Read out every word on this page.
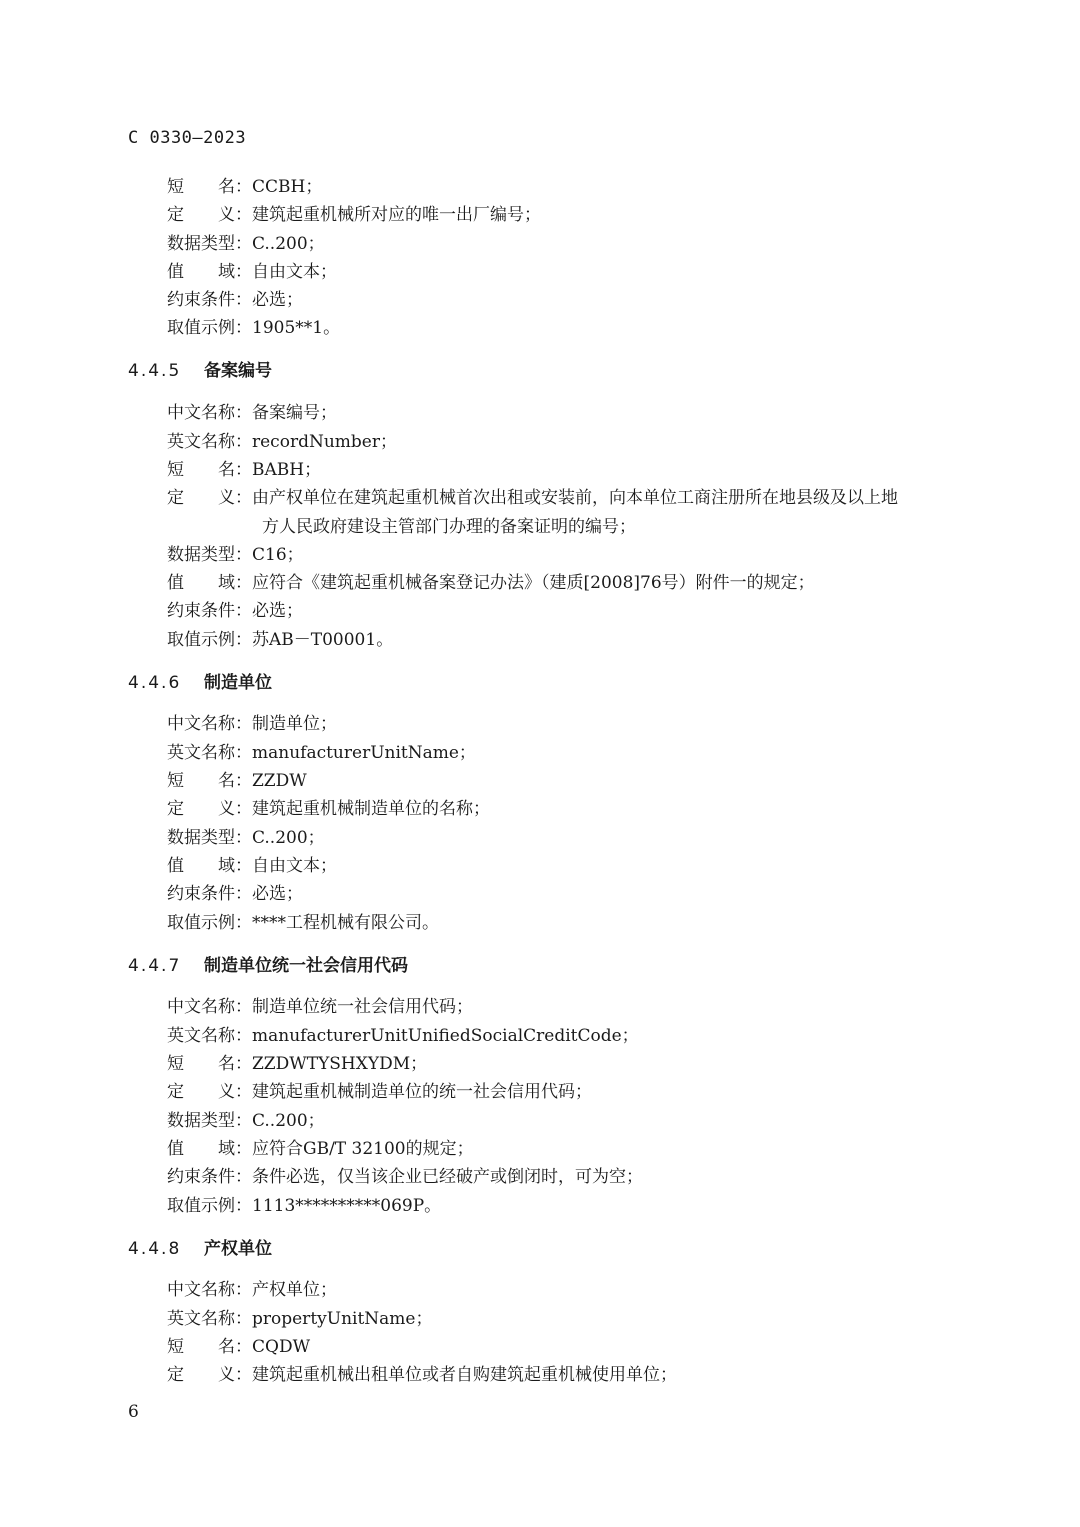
C 0330—2023
短　　名：CCBH；
定　　义：建筑起重机械所对应的唯一出厂编号；
数据类型：C..200；
值　　域：自由文本；
约束条件：必选；
取值示例：1905**1。
4.4.5 备案编号
中文名称：备案编号；
英文名称：recordNumber；
短　　名：BABH；
定　　义：由产权单位在建筑起重机械首次出租或安装前，向本单位工商注册所在地县级及以上地
方人民政府建设主管部门办理的备案证明的编号；
数据类型：C16；
值　　域：应符合《建筑起重机械备案登记办法》（建质[2008]76号）附件一的规定；
约束条件：必选；
取值示例：苏AB－T00001。
4.4.6 制造单位
中文名称：制造单位；
英文名称：manufacturerUnitName；
短　　名：ZZDW
定　　义：建筑起重机械制造单位的名称；
数据类型：C..200；
值　　域：自由文本；
约束条件：必选；
取值示例：****工程机械有限公司。
4.4.7 制造单位统一社会信用代码
中文名称：制造单位统一社会信用代码；
英文名称：manufacturerUnitUnifiedSocialCreditCode；
短　　名：ZZDWTYSHXYDM；
定　　义：建筑起重机械制造单位的统一社会信用代码；
数据类型：C..200；
值　　域：应符合GB/T 32100的规定；
约束条件：条件必选，仅当该企业已经破产或倒闭时，可为空；
取值示例：1113**********069P。
4.4.8 产权单位
中文名称：产权单位；
英文名称：propertyUnitName；
短　　名：CQDW
定　　义：建筑起重机械出租单位或者自购建筑起重机械使用单位；
6
